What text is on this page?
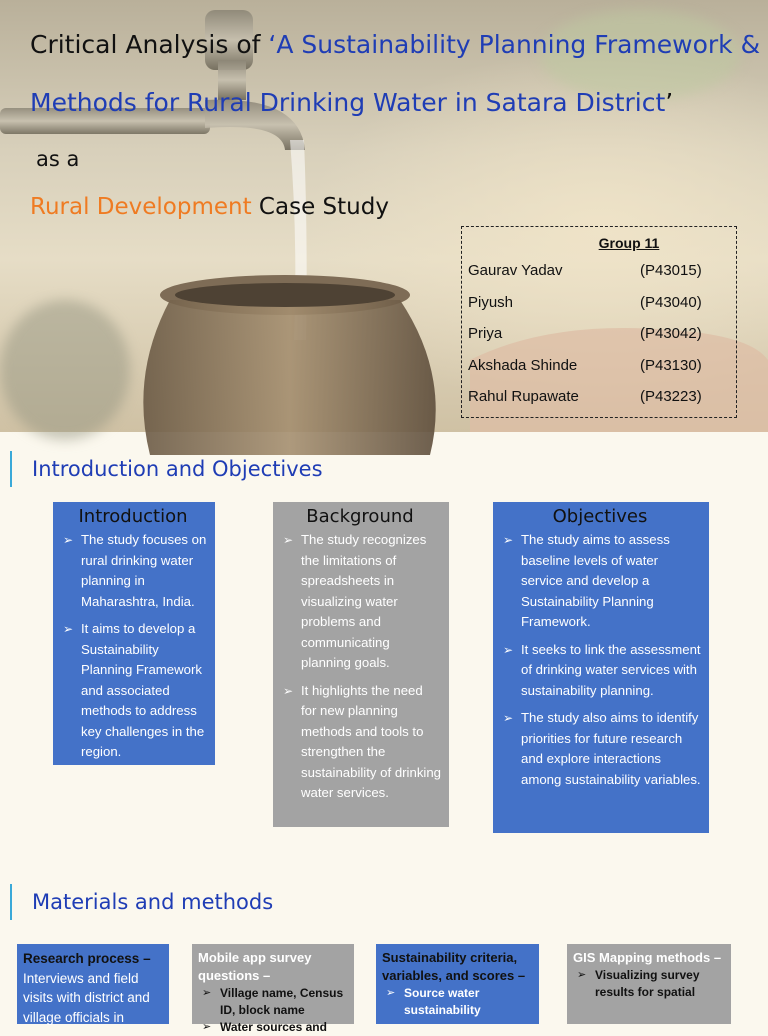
Critical Analysis of ‘A Sustainability Planning Framework &
Methods for Rural Drinking Water in Satara District’
as a
Rural Development Case Study
Group 11
Gaurav Yadav	(P43015)
Piyush	(P43040)
Priya	(P43042)
Akshada Shinde	(P43130)
Rahul Rupawate	(P43223)
Introduction and Objectives
Introduction
➢ The study focuses on rural drinking water planning in Maharashtra, India.
➢ It aims to develop a Sustainability Planning Framework and associated methods to address key challenges in the region.
Background
➢ The study recognizes the limitations of spreadsheets in visualizing water problems and communicating planning goals.
➢ It highlights the need for new planning methods and tools to strengthen the sustainability of drinking water services.
Objectives
➢ The study aims to assess baseline levels of water service and develop a Sustainability Planning Framework.
➢ It seeks to link the assessment of drinking water services with sustainability planning.
➢ The study also aims to identify priorities for future research and explore interactions among sustainability variables.
Materials and methods
Research process – Interviews and field visits with district and village officials in
Mobile app survey questions –
➢ Village name, Census ID, block name
➢ Water sources and
Sustainability criteria, variables, and scores –
➢ Source water sustainability
GIS Mapping methods –
➢ Visualizing survey results for spatial
